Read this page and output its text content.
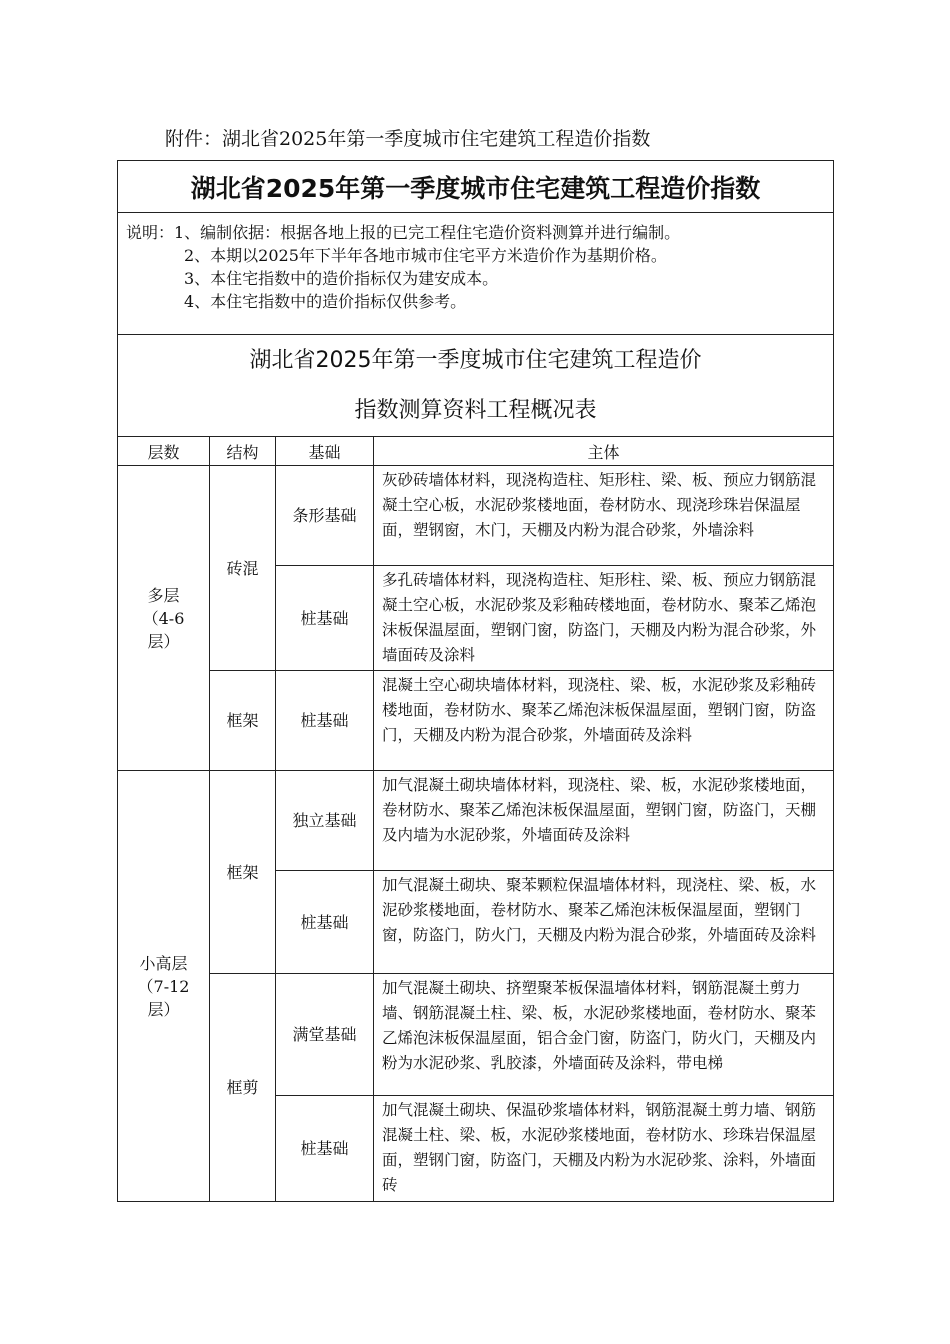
附件：湖北省2025年第一季度城市住宅建筑工程造价指数
湖北省2025年第一季度城市住宅建筑工程造价指数			

说明：1、编制依据：根据各地上报的已完工程住宅造价资料测算并进行编制。
2、本期以2025年下半年各地市城市住宅平方米造价作为基期价格。
3、本住宅指数中的造价指标仅为建安成本。
4、本住宅指数中的造价指标仅供参考。			

湖北省2025年第一季度城市住宅建筑工程造价
指数测算资料工程概况表			

层数	结构	基础	主体

多层
（4-6
层）	砖混	条形基础	灰砂砖墙体材料，现浇构造柱、矩形柱、梁、板、预应力钢筋混凝土空心板，水泥砂浆楼地面，卷材防水、现浇珍珠岩保温屋面，塑钢窗，木门，天棚及内粉为混合砂浆，外墙涂料
		桩基础	多孔砖墙体材料，现浇构造柱、矩形柱、梁、板、预应力钢筋混凝土空心板，水泥砂浆及彩釉砖楼地面，卷材防水、聚苯乙烯泡沫板保温屋面，塑钢门窗，防盗门，天棚及内粉为混合砂浆，外墙面砖及涂料
	框架	桩基础	混凝土空心砌块墙体材料，现浇柱、梁、板，水泥砂浆及彩釉砖楼地面，卷材防水、聚苯乙烯泡沫板保温屋面，塑钢门窗，防盗门，天棚及内粉为混合砂浆，外墙面砖及涂料

小高层
（7-12
层）	框架	独立基础	加气混凝土砌块墙体材料，现浇柱、梁、板，水泥砂浆楼地面，卷材防水、聚苯乙烯泡沫板保温屋面，塑钢门窗，防盗门，天棚及内墙为水泥砂浆，外墙面砖及涂料
		桩基础	加气混凝土砌块、聚苯颗粒保温墙体材料，现浇柱、梁、板，水泥砂浆楼地面，卷材防水、聚苯乙烯泡沫板保温屋面，塑钢门窗，防盗门，防火门，天棚及内粉为混合砂浆，外墙面砖及涂料
	框剪	满堂基础	加气混凝土砌块、挤塑聚苯板保温墙体材料，钢筋混凝土剪力墙、钢筋混凝土柱、梁、板，水泥砂浆楼地面，卷材防水、聚苯乙烯泡沫板保温屋面，铝合金门窗，防盗门，防火门，天棚及内粉为水泥砂浆、乳胶漆，外墙面砖及涂料，带电梯
		桩基础	加气混凝土砌块、保温砂浆墙体材料，钢筋混凝土剪力墙、钢筋混凝土柱、梁、板，水泥砂浆楼地面，卷材防水、珍珠岩保温屋面，塑钢门窗，防盗门，天棚及内粉为水泥砂浆、涂料，外墙面砖
